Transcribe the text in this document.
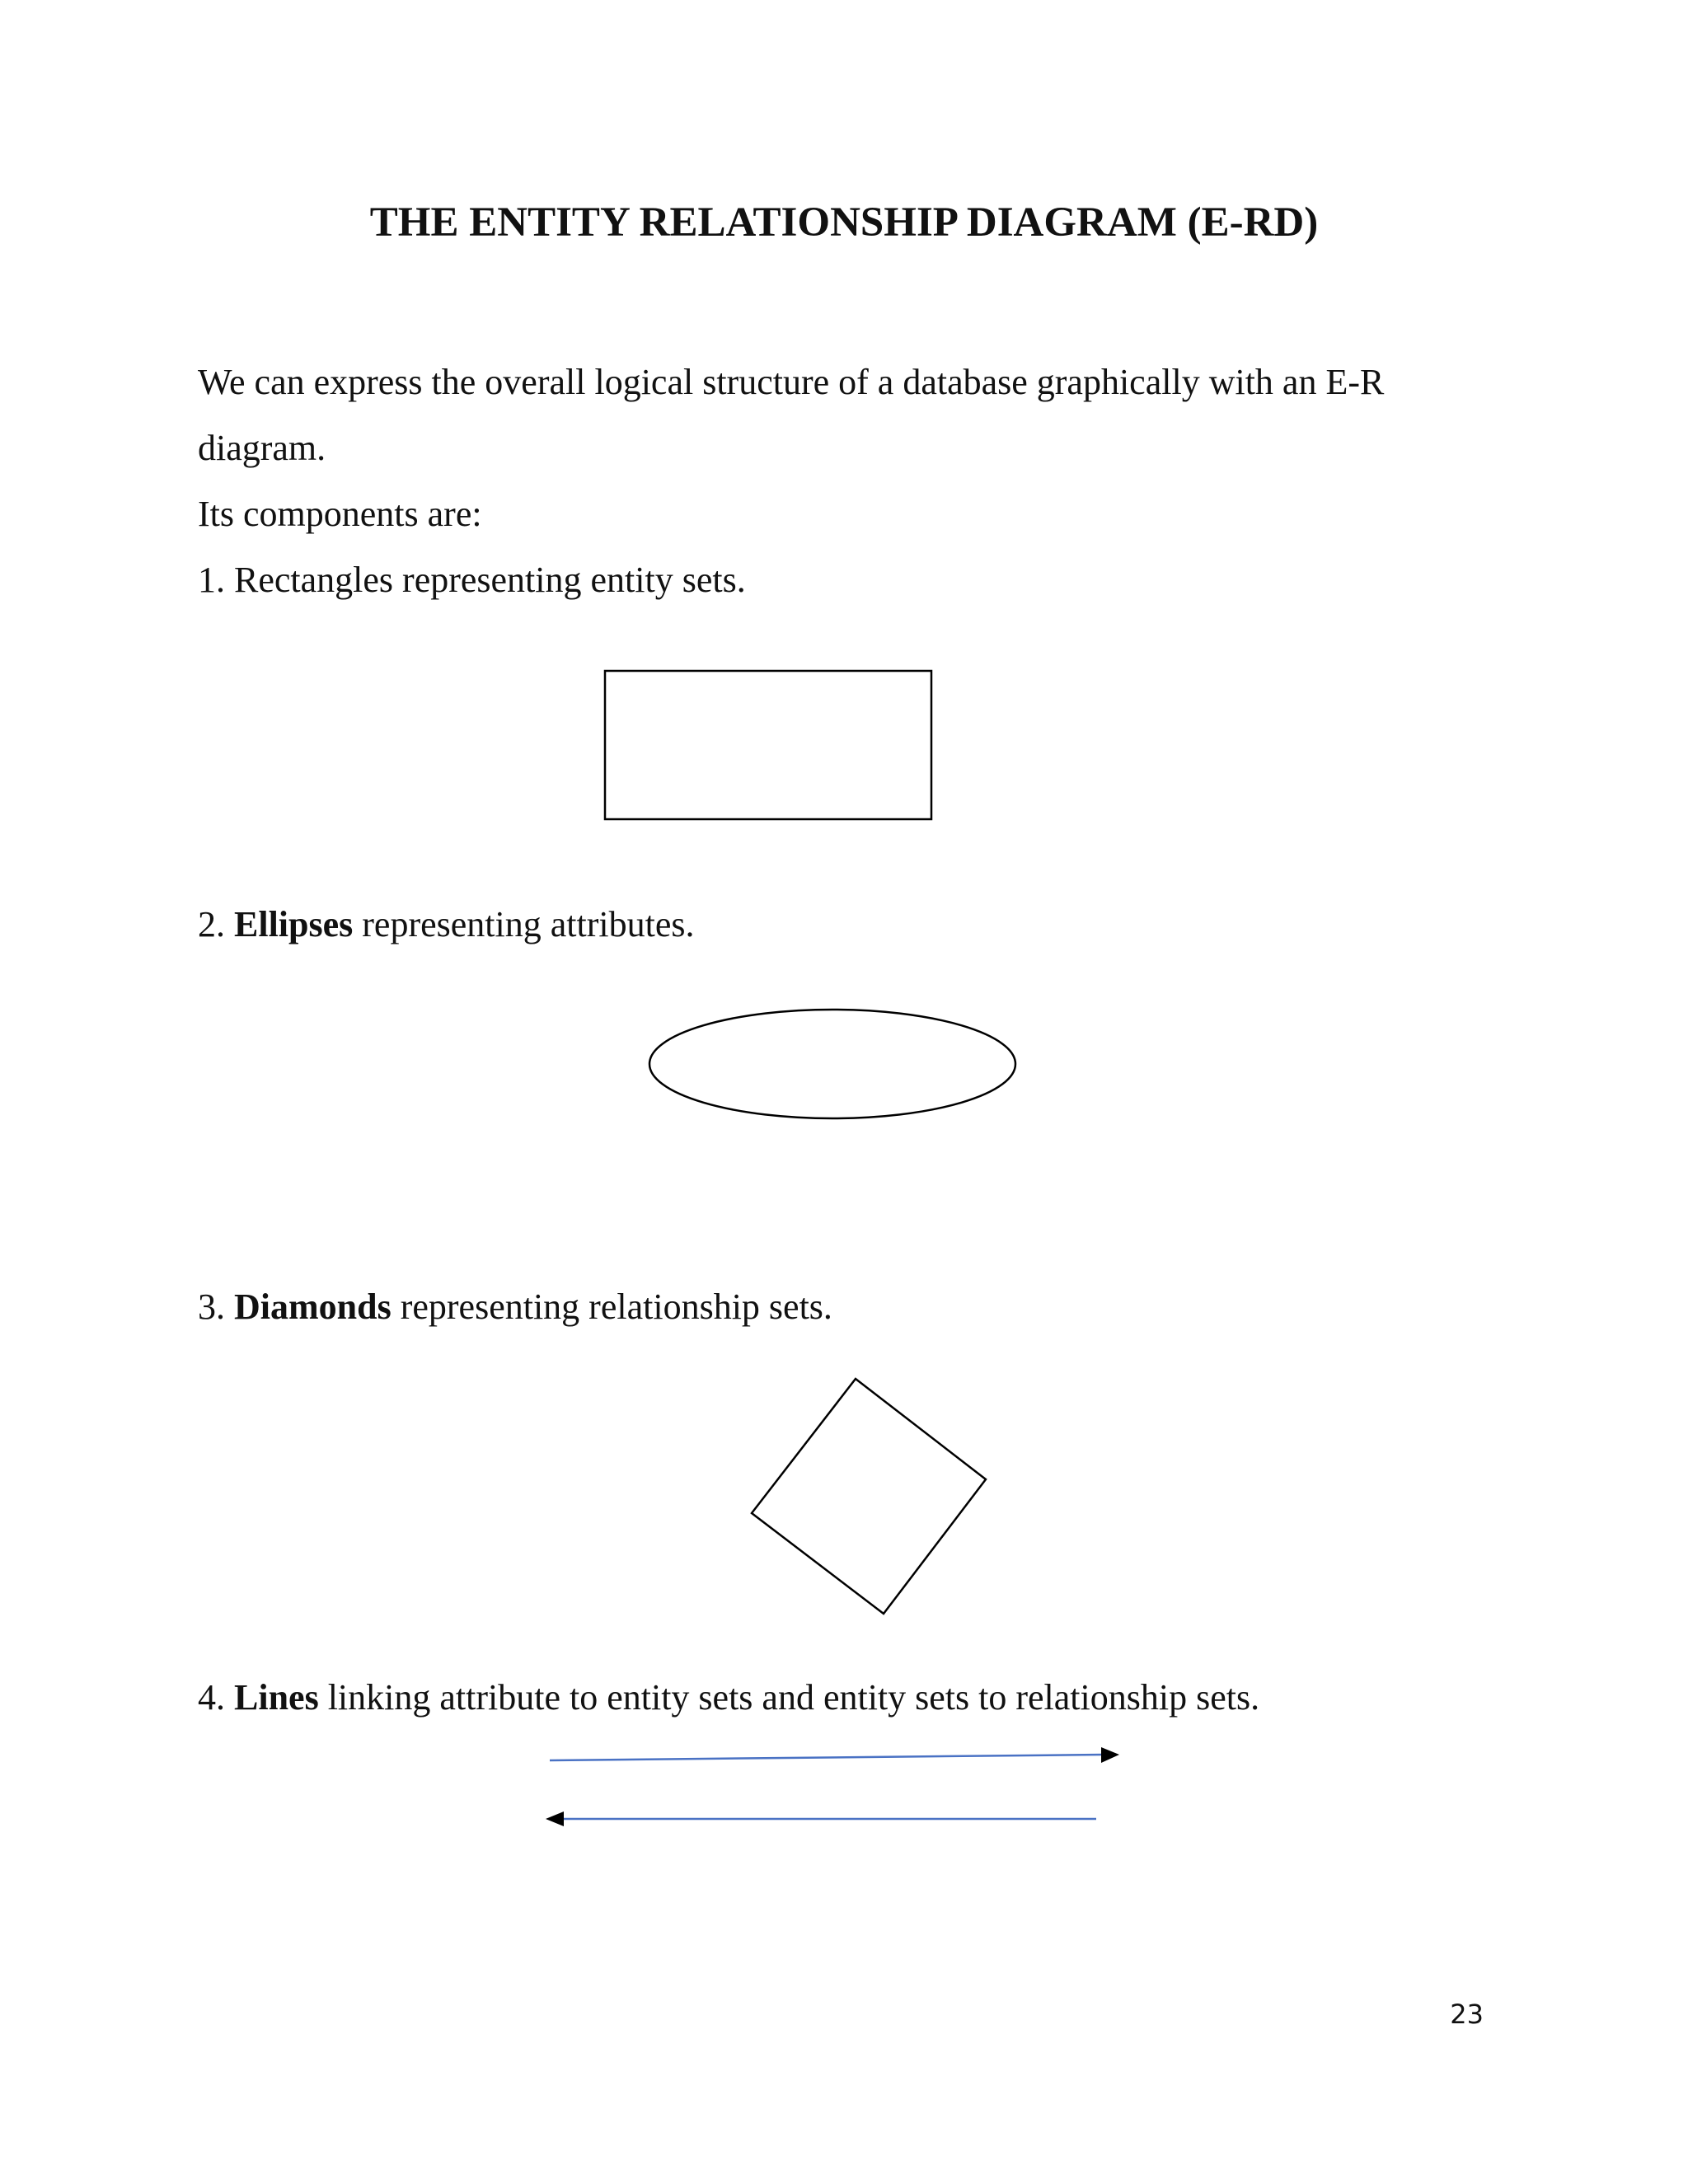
THE ENTITY RELATIONSHIP DIAGRAM (E-RD)

We can express the overall logical structure of a database graphically with an E-R

diagram.

Its components are:

1. Rectangles representing entity sets.

2. Ellipses representing attributes.

3. Diamonds representing relationship sets.

4. Lines linking attribute to entity sets and entity sets to relationship sets.

23
